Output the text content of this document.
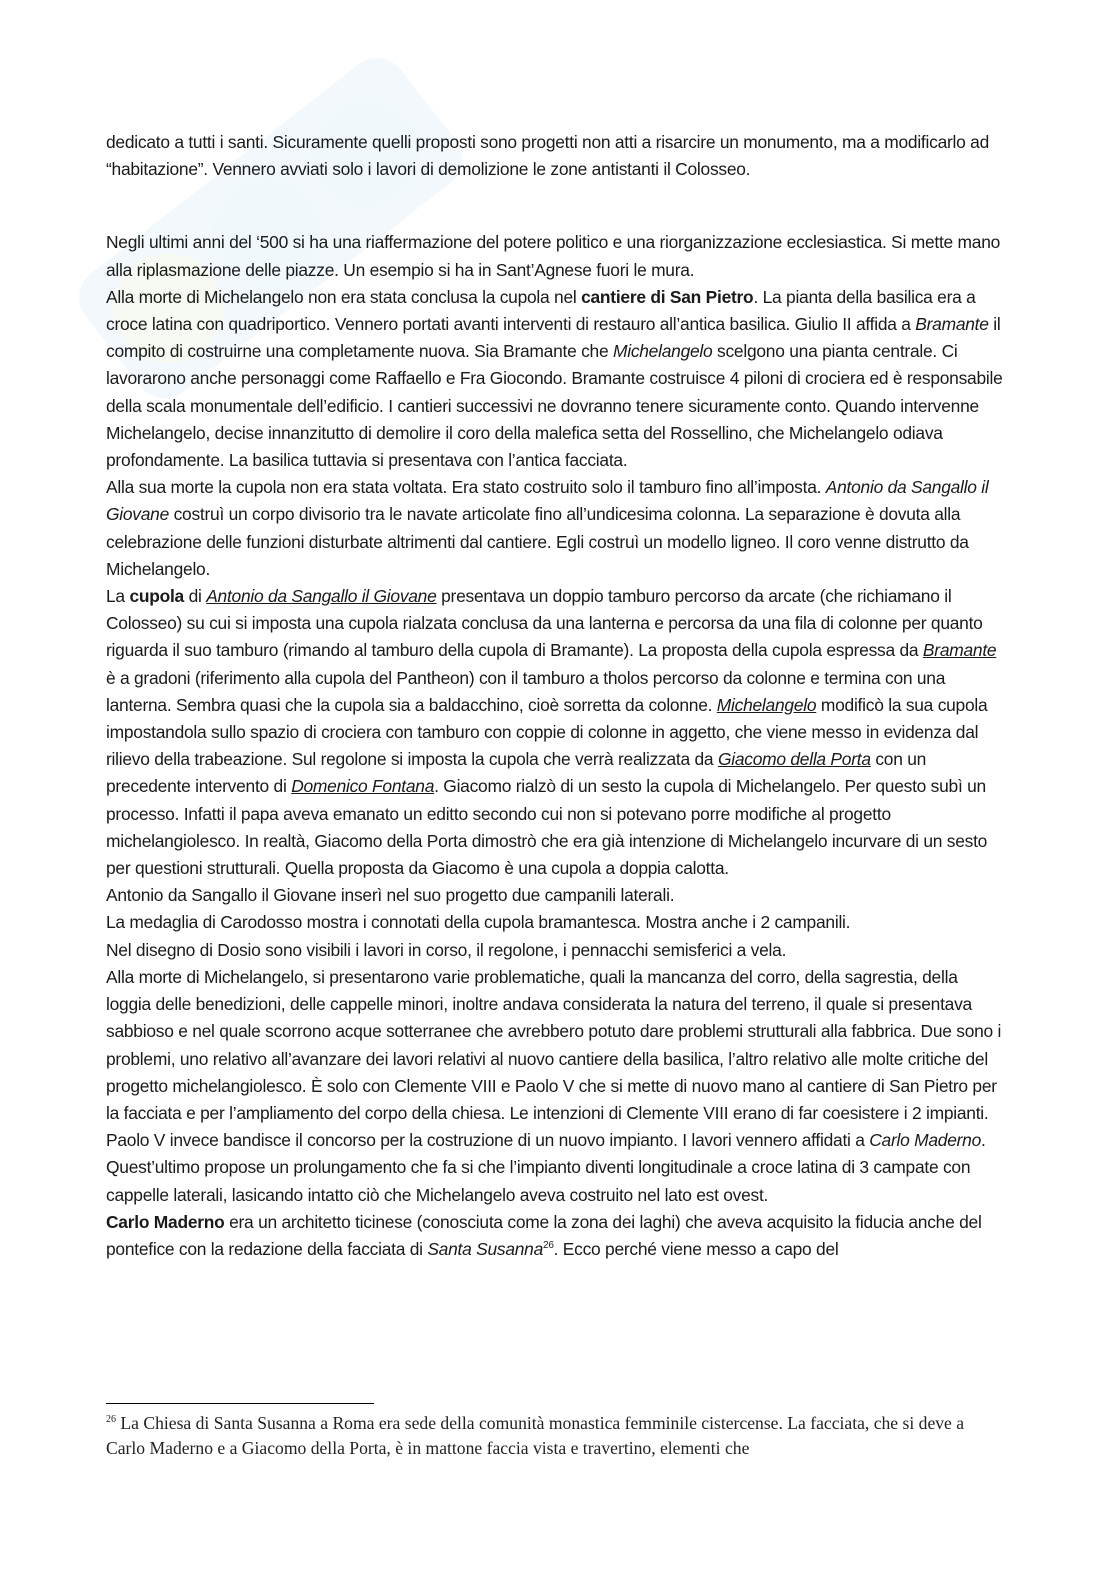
dedicato a tutti i santi. Sicuramente quelli proposti sono progetti non atti a risarcire un monumento, ma a modificarlo ad “habitazione”. Vennero avviati solo i lavori di demolizione le zone antistanti il Colosseo.

Negli ultimi anni del ‘500 si ha una riaffermazione del potere politico e una riorganizzazione ecclesiastica. Si mette mano alla riplasmazione delle piazze. Un esempio si ha in Sant’Agnese fuori le mura.

Alla morte di Michelangelo non era stata conclusa la cupola nel cantiere di San Pietro. La pianta della basilica era a croce latina con quadriportico. Vennero portati avanti interventi di restauro all’antica basilica. Giulio II affida a Bramante il compito di costruirne una completamente nuova. Sia Bramante che Michelangelo scelgono una pianta centrale. Ci lavorarono anche personaggi come Raffaello e Fra Giocondo. Bramante costruisce 4 piloni di crociera ed è responsabile della scala monumentale dell’edificio. I cantieri successivi ne dovranno tenere sicuramente conto. Quando intervenne Michelangelo, decise innanzitutto di demolire il coro della malefica setta del Rossellino, che Michelangelo odiava profondamente. La basilica tuttavia si presentava con l’antica facciata.

Alla sua morte la cupola non era stata voltata. Era stato costruito solo il tamburo fino all’imposta. Antonio da Sangallo il Giovane costruì un corpo divisorio tra le navate articolate fino all’undicesima colonna. La separazione è dovuta alla celebrazione delle funzioni disturbate altrimenti dal cantiere. Egli costruì un modello ligneo. Il coro venne distrutto da Michelangelo.

La cupola di Antonio da Sangallo il Giovane presentava un doppio tamburo percorso da arcate (che richiamano il Colosseo) su cui si imposta una cupola rialzata conclusa da una lanterna e percorsa da una fila di colonne per quanto riguarda il suo tamburo (rimando al tamburo della cupola di Bramante). La proposta della cupola espressa da Bramante è a gradoni (riferimento alla cupola del Pantheon) con il tamburo a tholos percorso da colonne e termina con una lanterna. Sembra quasi che la cupola sia a baldacchino, cioè sorretta da colonne. Michelangelo modificò la sua cupola impostandola sullo spazio di crociera con tamburo con coppie di colonne in aggetto, che viene messo in evidenza dal rilievo della trabeazione. Sul regolone si imposta la cupola che verrà realizzata da Giacomo della Porta con un precedente intervento di Domenico Fontana. Giacomo rialzò di un sesto la cupola di Michelangelo. Per questo subì un processo. Infatti il papa aveva emanato un editto secondo cui non si potevano porre modifiche al progetto michelangiolesco. In realtà, Giacomo della Porta dimostrò che era già intenzione di Michelangelo incurvare di un sesto per questioni strutturali. Quella proposta da Giacomo è una cupola a doppia calotta.

Antonio da Sangallo il Giovane inserì nel suo progetto due campanili laterali.

La medaglia di Carodosso mostra i connotati della cupola bramantesca. Mostra anche i 2 campanili.

Nel disegno di Dosio sono visibili i lavori in corso, il regolone, i pennacchi semisferici a vela.

Alla morte di Michelangelo, si presentarono varie problematiche, quali la mancanza del corro, della sagrestia, della loggia delle benedizioni, delle cappelle minori, inoltre andava considerata la natura del terreno, il quale si presentava sabbioso e nel quale scorrono acque sotterranee che avrebbero potuto dare problemi strutturali alla fabbrica. Due sono i problemi, uno relativo all’avanzare dei lavori relativi al nuovo cantiere della basilica, l’altro relativo alle molte critiche del progetto michelangiolesco. È solo con Clemente VIII e Paolo V che si mette di nuovo mano al cantiere di San Pietro per la facciata e per l’ampliamento del corpo della chiesa. Le intenzioni di Clemente VIII erano di far coesistere i 2 impianti. Paolo V invece bandisce il concorso per la costruzione di un nuovo impianto. I lavori vennero affidati a Carlo Maderno. Quest’ultimo propose un prolungamento che fa si che l’impianto diventi longitudinale a croce latina di 3 campate con cappelle laterali, lasicando intatto ciò che Michelangelo aveva costruito nel lato est ovest.

Carlo Maderno era un architetto ticinese (conosciuta come la zona dei laghi) che aveva acquisito la fiducia anche del pontefice con la redazione della facciata di Santa Susanna$^{26}$. Ecco perché viene messo a capo del

$^{26}$ La Chiesa di Santa Susanna a Roma era sede della comunità monastica femminile cistercense. La facciata, che si deve a Carlo Maderno e a Giacomo della Porta, è in mattone faccia vista e travertino, elementi che
